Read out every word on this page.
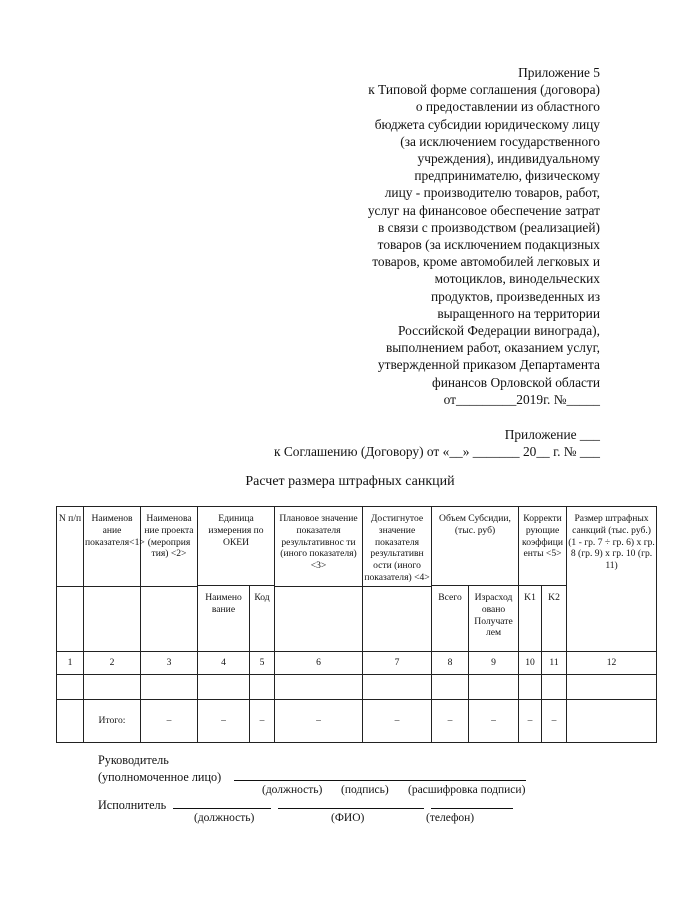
Приложение 5
к Типовой форме соглашения (договора)
о предоставлении из областного
бюджета субсидии юридическому лицу
(за исключением государственного
учреждения), индивидуальному
предпринимателю, физическому
лицу - производителю товаров, работ,
услуг на финансовое обеспечение затрат
в связи с производством (реализацией)
товаров (за исключением подакцизных
товаров, кроме автомобилей легковых и
мотоциклов, винодельческих
продуктов, произведенных из
выращенного на территории
Российской Федерации винограда),
выполнением работ, оказанием услуг,
утвержденной приказом Департамента
финансов Орловской области
от_________2019г. №_____
Приложение ___
к Соглашению (Договору) от «__» _______ 20__ г. № ___
Расчет размера штрафных санкций
N п/п	Наименов ание показателя<1>	Наименова ние проекта (мероприя тия) <2>	Единица измерения по ОКЕИ		Плановое значение показателя результативнос ти (иного показателя)<3>	Достигнутое значение показателя результативн ости (иного показателя) <4>	Объем Субсидии, (тыс. руб)		Корректи рующие коэффици енты <5>		Размер штрафных санкций (тыс. руб.) (1 - гр. 7 ÷ гр. 6) x гр. 8 (гр. 9) x гр. 10 (гр. 11)
			Наимено вание	Код			Всего	Израсход овано Получате лем	K1	K2	

1	2	3	4	5	6	7	8	9	10	11	12

	Итого:	–	–	–	–	–	–	–	–	–	
Руководитель
(уполномоченное лицо)
(должность) (подпись) (расшифровка подписи)
Исполнитель
(должность)	(ФИО)	(телефон)
